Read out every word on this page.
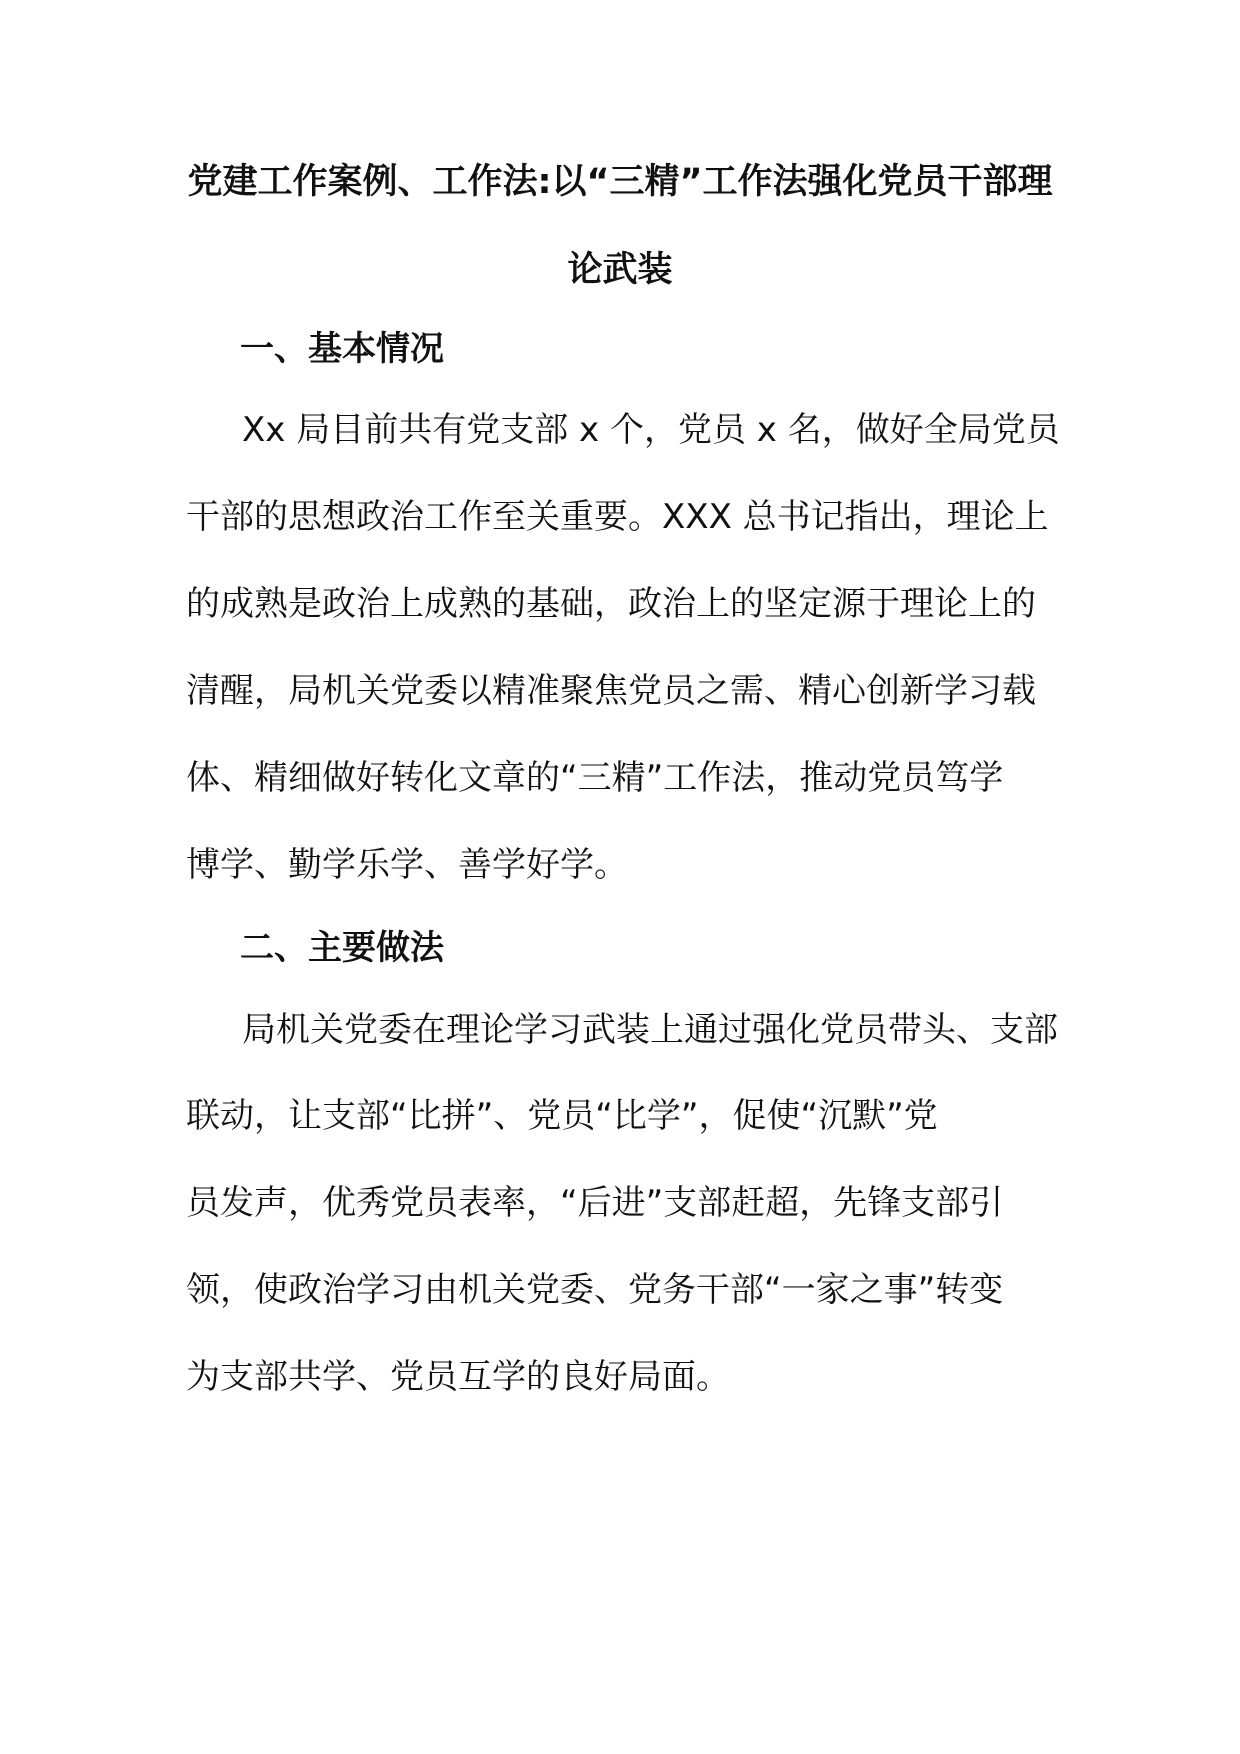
党建工作案例、工作法:以“三精”工作法强化党员干部理
论武装
一、基本情况
Xx 局目前共有党支部 x 个，党员 x 名，做好全局党员
干部的思想政治工作至关重要。XXX 总书记指出，理论上
的成熟是政治上成熟的基础，政治上的坚定源于理论上的
清醒，局机关党委以精准聚焦党员之需、精心创新学习载
体、精细做好转化文章的“三精”工作法，推动党员笃学
博学、勤学乐学、善学好学。
二、主要做法
局机关党委在理论学习武装上通过强化党员带头、支部
联动，让支部“比拼”、党员“比学”，促使“沉默”党
员发声，优秀党员表率，“后进”支部赶超，先锋支部引
领，使政治学习由机关党委、党务干部“一家之事”转变
为支部共学、党员互学的良好局面。
